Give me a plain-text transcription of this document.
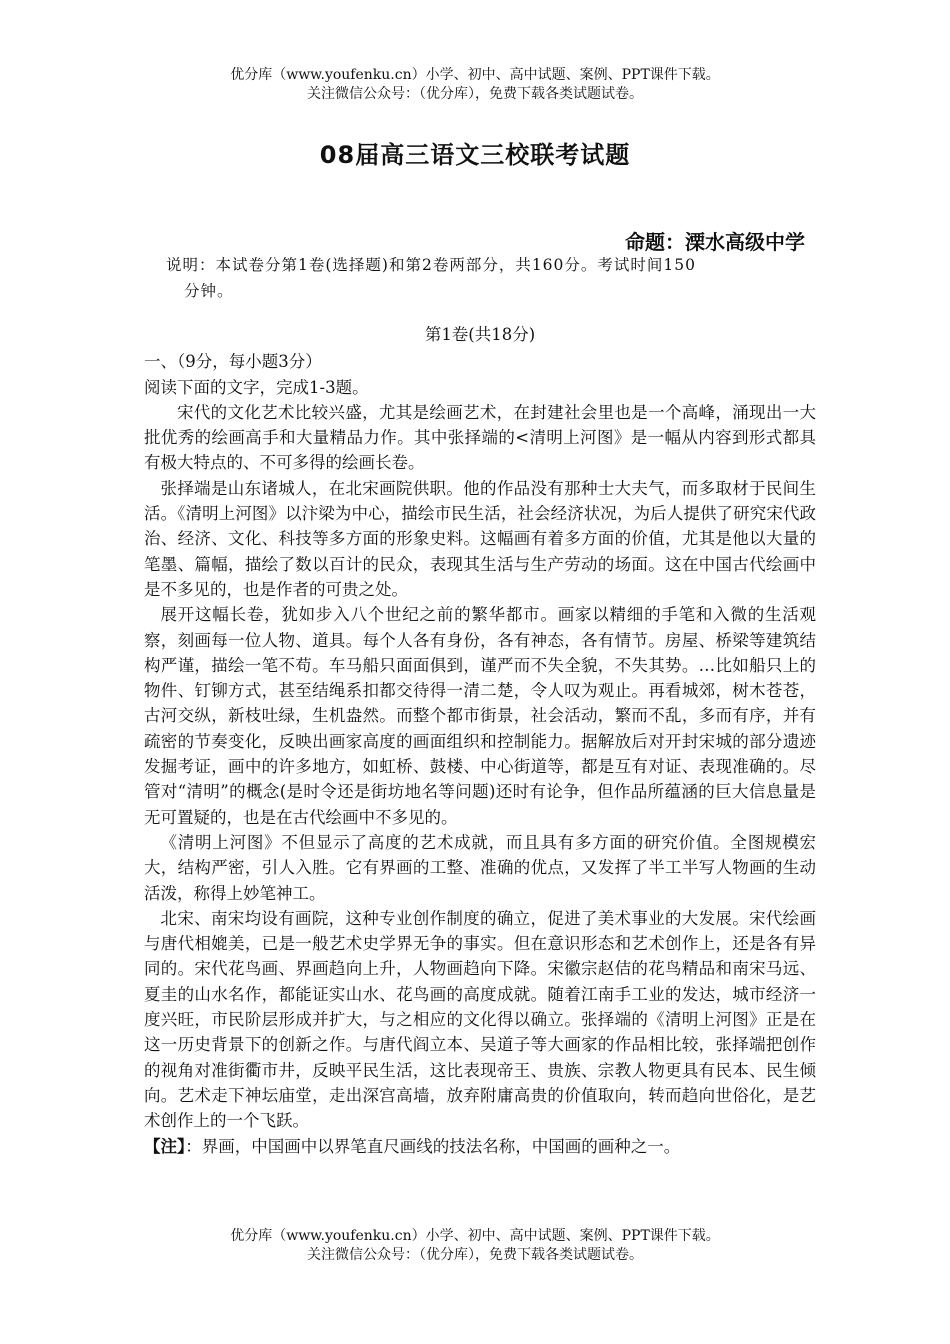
优分库（www.youfenku.cn）小学、初中、高中试题、案例、PPT课件下载。
关注微信公众号：（优分库），免费下载各类试题试卷。
08届高三语文三校联考试题
命题：溧水高级中学
说明：本试卷分第1卷(选择题)和第2卷两部分，共160分。考试时间150
分钟。

第1卷(共18分)

一、（9分，每小题3分）

阅读下面的文字，完成1-3题。

宋代的文化艺术比较兴盛，尤其是绘画艺术，在封建社会里也是一个高峰，涌现出一大批优秀的绘画高手和大量精品力作。其中张择端的<清明上河图》是一幅从内容到形式都具有极大特点的、不可多得的绘画长卷。

张择端是山东诸城人，在北宋画院供职。他的作品没有那种士大夫气，而多取材于民间生活。《清明上河图》以汴梁为中心，描绘市民生活，社会经济状况，为后人提供了研究宋代政治、经济、文化、科技等多方面的形象史料。这幅画有着多方面的价值，尤其是他以大量的笔墨、篇幅，描绘了数以百计的民众，表现其生活与生产劳动的场面。这在中国古代绘画中是不多见的，也是作者的可贵之处。

展开这幅长卷，犹如步入八个世纪之前的繁华都市。画家以精细的手笔和入微的生活观察，刻画每一位人物、道具。每个人各有身份，各有神态，各有情节。房屋、桥梁等建筑结构严谨，描绘一笔不苟。车马船只面面俱到，谨严而不失全貌，不失其势。…比如船只上的物件、钉铆方式，甚至结绳系扣都交待得一清二楚，令人叹为观止。再看城郊，树木苍苍，古河交纵，新枝吐绿，生机盎然。而整个都市街景，社会活动，繁而不乱，多而有序，并有疏密的节奏变化，反映出画家高度的画面组织和控制能力。据解放后对开封宋城的部分遗迹发掘考证，画中的许多地方，如虹桥、鼓楼、中心街道等，都是互有对证、表现准确的。尽管对“清明”的概念(是时令还是街坊地名等问题)还时有论争，但作品所蕴涵的巨大信息量是无可置疑的，也是在古代绘画中不多见的。

《清明上河图》不但显示了高度的艺术成就，而且具有多方面的研究价值。全图规模宏大，结构严密，引人入胜。它有界画的工整、准确的优点，又发挥了半工半写人物画的生动活泼，称得上妙笔神工。

北宋、南宋均设有画院，这种专业创作制度的确立，促进了美术事业的大发展。宋代绘画与唐代相媲美，已是一般艺术史学界无争的事实。但在意识形态和艺术创作上，还是各有异同的。宋代花鸟画、界画趋向上升，人物画趋向下降。宋徽宗赵佶的花鸟精品和南宋马远、夏圭的山水名作，都能证实山水、花鸟画的高度成就。随着江南手工业的发达，城市经济一度兴旺，市民阶层形成并扩大，与之相应的文化得以确立。张择端的《清明上河图》正是在这一历史背景下的创新之作。与唐代阎立本、吴道子等大画家的作品相比较，张择端把创作的视角对准街衢市井，反映平民生活，这比表现帝王、贵族、宗教人物更具有民本、民生倾向。艺术走下神坛庙堂，走出深宫高墙，放弃附庸高贵的价值取向，转而趋向世俗化，是艺术创作上的一个飞跃。

【注】：界画，中国画中以界笔直尺画线的技法名称，中国画的画种之一。

优分库（www.youfenku.cn）小学、初中、高中试题、案例、PPT课件下载。
关注微信公众号：（优分库），免费下载各类试题试卷。
